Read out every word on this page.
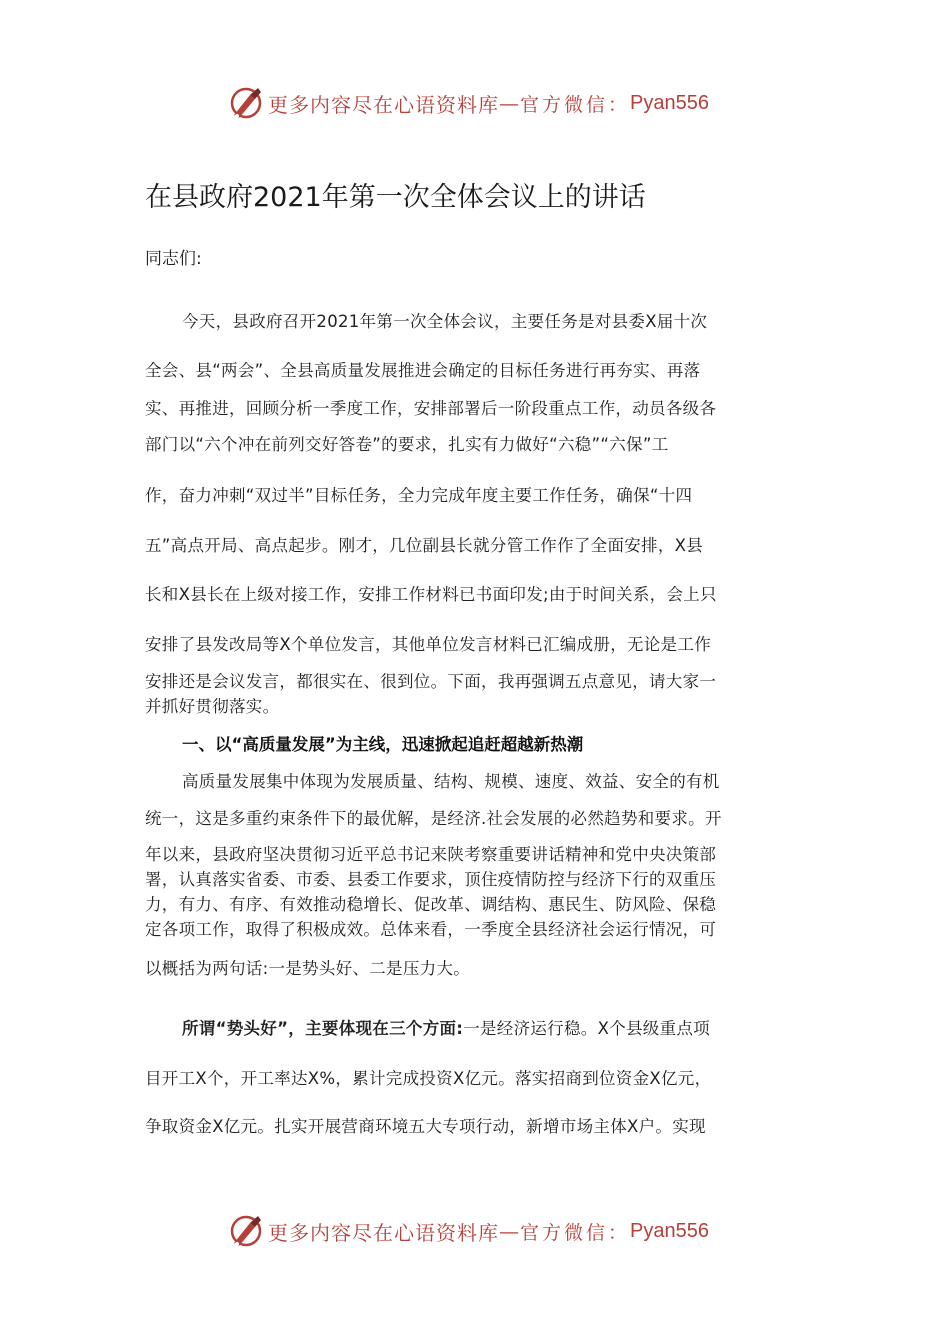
更多内容尽在心语资料库 — 官方微信： Pyan556
在县政府2021年第一次全体会议上的讲话
同志们:
今天，县政府召开2021年第一次全体会议，主要任务是对县委X届十次
全会、县“两会”、全县高质量发展推进会确定的目标任务进行再夯实、再落
实、再推进，回顾分析一季度工作，安排部署后一阶段重点工作，动员各级各
部门以“六个冲在前列交好答卷”的要求，扎实有力做好“六稳”“六保”工
作，奋力冲刺“双过半”目标任务，全力完成年度主要工作任务，确保“十四
五”高点开局、高点起步。刚才，几位副县长就分管工作作了全面安排，X县
长和X县长在上级对接工作，安排工作材料已书面印发;由于时间关系，会上只
安排了县发改局等X个单位发言，其他单位发言材料已汇编成册，无论是工作
安排还是会议发言，都很实在、很到位。下面，我再强调五点意见，请大家一
并抓好贯彻落实。
一、以“高质量发展”为主线，迅速掀起追赶超越新热潮
高质量发展集中体现为发展质量、结构、规模、速度、效益、安全的有机
统一，这是多重约束条件下的最优解，是经济.社会发展的必然趋势和要求。开
年以来，县政府坚决贯彻习近平总书记来陕考察重要讲话精神和党中央决策部
署，认真落实省委、市委、县委工作要求，顶住疫情防控与经济下行的双重压
力，有力、有序、有效推动稳增长、促改革、调结构、惠民生、防风险、保稳
定各项工作，取得了积极成效。总体来看，一季度全县经济社会运行情况，可
以概括为两句话:一是势头好、二是压力大。
所谓“势头好”，主要体现在三个方面:一是经济运行稳。X个县级重点项
目开工X个，开工率达X%，累计完成投资X亿元。落实招商到位资金X亿元，
争取资金X亿元。扎实开展营商环境五大专项行动，新增市场主体X户。实现
更多内容尽在心语资料库 — 官方微信： Pyan556
